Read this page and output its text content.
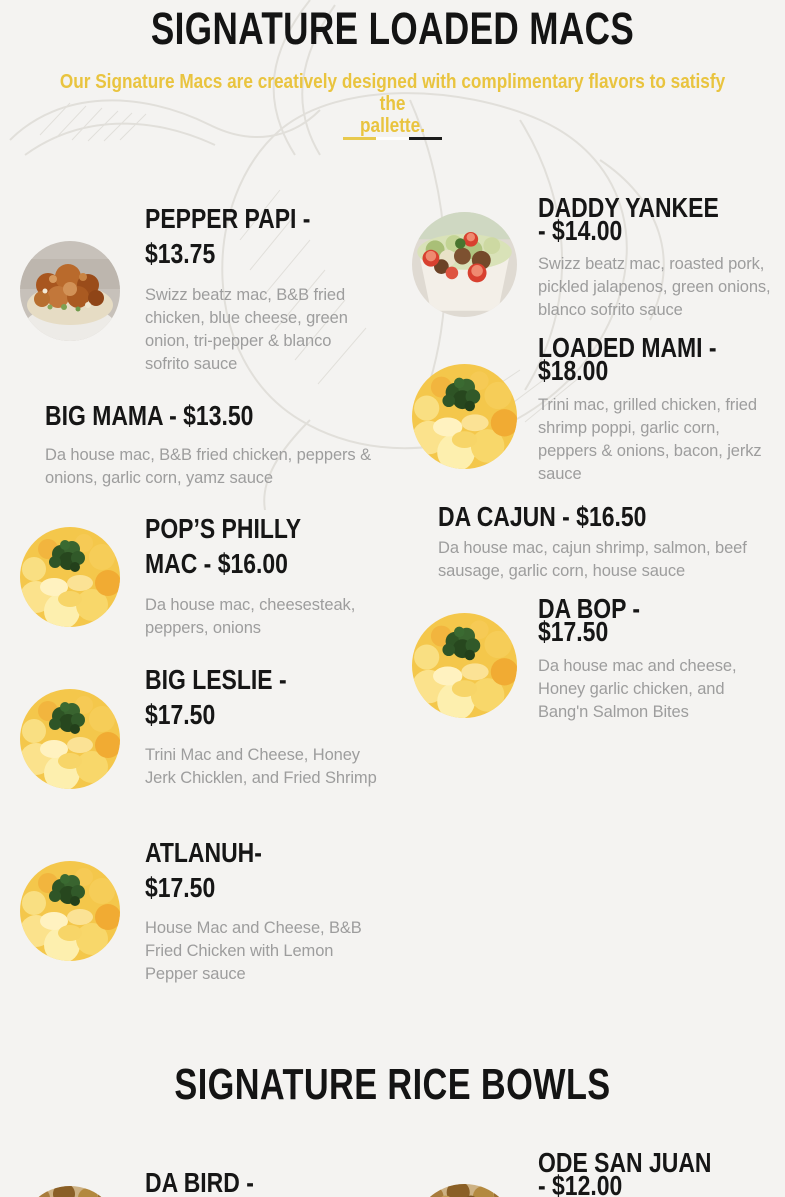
SIGNATURE LOADED MACS
Our Signature Macs are creatively designed with complimentary flavors to satisfy the
pallette.
PEPPER PAPI -
$13.75

Swizz beatz mac, B&B fried chicken, blue cheese, green onion, tri-pepper & blanco sofrito sauce

BIG MAMA - $13.50

Da house mac, B&B fried chicken, peppers & onions, garlic corn, yamz sauce

POP’S PHILLY
MAC - $16.00

Da house mac, cheesesteak, peppers, onions

BIG LESLIE -
$17.50

Trini Mac and Cheese, Honey Jerk Chicklen, and Fried Shrimp

ATLANUH-
$17.50

House Mac and Cheese, B&B Fried Chicken with Lemon Pepper sauce

DADDY YANKEE
- $14.00

Swizz beatz mac, roasted pork, pickled jalapenos, green onions, blanco sofrito sauce

LOADED MAMI -
$18.00

Trini mac, grilled chicken, fried shrimp poppi, garlic corn, peppers & onions, bacon, jerkz sauce

DA CAJUN - $16.50

Da house mac, cajun shrimp, salmon, beef sausage, garlic corn, house sauce

DA BOP -
$17.50

Da house mac and cheese, Honey garlic chicken, and Bang'n Salmon Bites

SIGNATURE RICE BOWLS
DA BIRD -
ODE SAN JUAN
- $12.00
